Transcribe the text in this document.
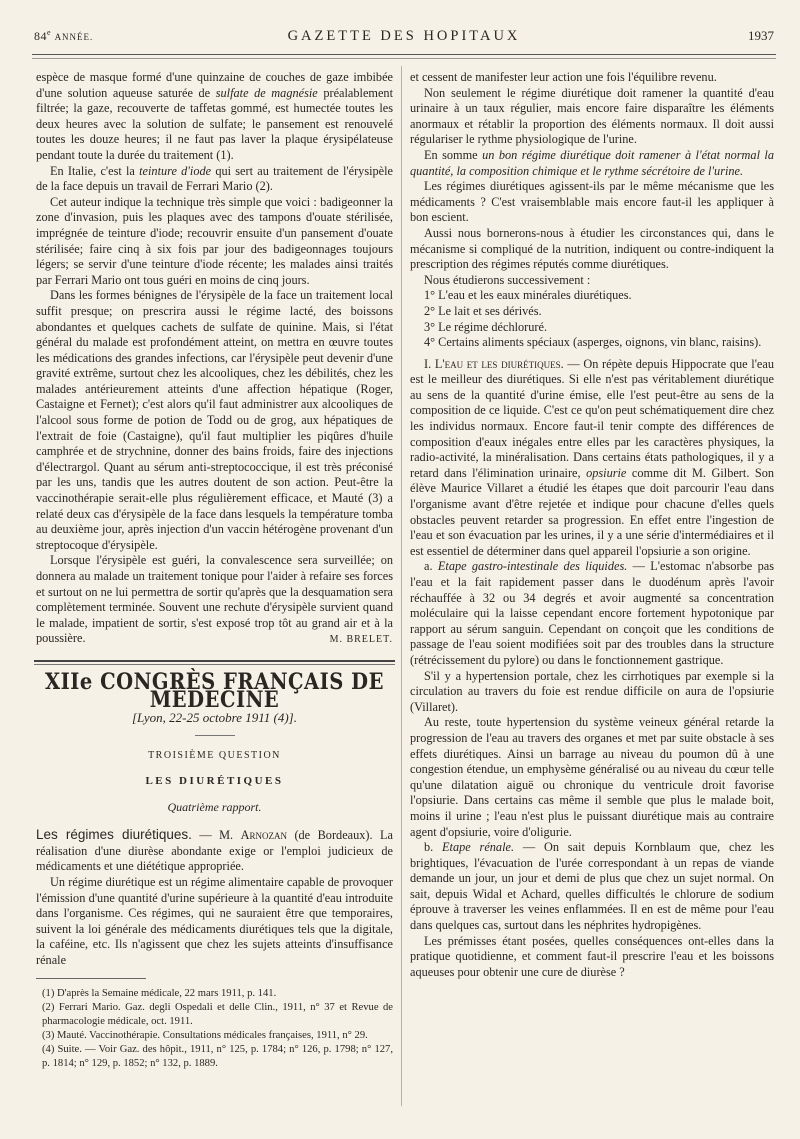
84e ANNÉE.	GAZETTE DES HOPITAUX	1937

espèce de masque formé d'une quinzaine de couches de gaze imbibée d'une solution aqueuse saturée de sulfate de magnésie préalablement filtrée; la gaze, recouverte de taffetas gommé, est humectée toutes les deux heures avec la solution de sulfate; le pansement est renouvelé toutes les douze heures; il ne faut pas laver la plaque érysipélateuse pendant toute la durée du traitement (1).

En Italie, c'est la teinture d'iode qui sert au traitement de l'érysipèle de la face depuis un travail de Ferrari Mario (2).

Cet auteur indique la technique très simple que voici : badigeonner la zone d'invasion, puis les plaques avec des tampons d'ouate stérilisée, imprégnée de teinture d'iode; recouvrir ensuite d'un pansement d'ouate stérilisée; faire cinq à six fois par jour des badigeonnages toujours légers; se servir d'une teinture d'iode récente; les malades ainsi traités par Ferrari Mario ont tous guéri en moins de cinq jours.

Dans les formes bénignes de l'érysipèle de la face un traitement local suffit presque; on prescrira aussi le régime lacté, des boissons abondantes et quelques cachets de sulfate de quinine. Mais, si l'état général du malade est profondément atteint, on mettra en œuvre toutes les médications des grandes infections, car l'érysipèle peut devenir d'une gravité extrême, surtout chez les alcooliques, chez les débilités, chez les malades antérieurement atteints d'une affection hépatique (Roger, Castaigne et Fernet); c'est alors qu'il faut administrer aux alcooliques de l'alcool sous forme de potion de Todd ou de grog, aux hépatiques de l'extrait de foie (Castaigne), qu'il faut multiplier les piqûres d'huile camphrée et de strychnine, donner des bains froids, faire des injections d'électrargol. Quant au sérum anti-streptococcique, il est très préconisé par les uns, tandis que les autres doutent de son action. Peut-être la vaccinothérapie serait-elle plus régulièrement efficace, et Mauté (3) a relaté deux cas d'érysipèle de la face dans lesquels la température tomba au deuxième jour, après injection d'un vaccin hétérogène provenant d'un streptocoque d'érysipèle.

Lorsque l'érysipèle est guéri, la convalescence sera surveillée; on donnera au malade un traitement tonique pour l'aider à refaire ses forces et surtout on ne lui permettra de sortir qu'après que la desquamation sera complètement terminée. Souvent une rechute d'érysipèle survient quand le malade, impatient de sortir, s'est exposé trop tôt au grand air et à la poussière.	M. BRELET.
XIIe CONGRÈS FRANÇAIS DE MÉDECINE
[Lyon, 22-25 octobre 1911 (4)].
TROISIÈME QUESTION
LES DIURÉTIQUES
Quatrième rapport.

Les régimes diurétiques. — M. Arnozan (de Bordeaux). La réalisation d'une diurèse abondante exige or l'emploi judicieux de médicaments et une diététique appropriée.

Un régime diurétique est un régime alimentaire capable de provoquer l'émission d'une quantité d'urine supérieure à la quantité d'eau introduite dans l'organisme. Ces régimes, qui ne sauraient être que temporaires, suivent la loi générale des médicaments diurétiques tels que la digitale, la caféine, etc. Ils n'agissent que chez les sujets atteints d'insuffisance rénale

(1) D'après la Semaine médicale, 22 mars 1911, p. 141.

(2) Ferrari Mario. Gaz. degli Ospedali et delle Clin., 1911, n° 37 et Revue de pharmacologie médicale, oct. 1911.

(3) Mauté. Vaccinothérapie. Consultations médicales françaises, 1911, n° 29.

(4) Suite. — Voir Gaz. des hôpit., 1911, n° 125, p. 1784; n° 126, p. 1798; n° 127, p. 1814; n° 129, p. 1852; n° 132, p. 1889.

et cessent de manifester leur action une fois l'équilibre revenu.

Non seulement le régime diurétique doit ramener la quantité d'eau urinaire à un taux régulier, mais encore faire disparaître les éléments anormaux et rétablir la proportion des éléments normaux. Il doit aussi régulariser le rythme physiologique de l'urine.

En somme un bon régime diurétique doit ramener à l'état normal la quantité, la composition chimique et le rythme sécrétoire de l'urine.

Les régimes diurétiques agissent-ils par le même mécanisme que les médicaments ? C'est vraisemblable mais encore faut-il les appliquer à bon escient.

Aussi nous bornerons-nous à étudier les circonstances qui, dans le mécanisme si compliqué de la nutrition, indiquent ou contre-indiquent la prescription des régimes réputés comme diurétiques.

Nous étudierons successivement :

1° L'eau et les eaux minérales diurétiques.

2° Le lait et ses dérivés.

3° Le régime déchloruré.

4° Certains aliments spéciaux (asperges, oignons, vin blanc, raisins).

I. L'eau et les diurétiques. — On répète depuis Hippocrate que l'eau est le meilleur des diurétiques. Si elle n'est pas véritablement diurétique au sens de la quantité d'urine émise, elle l'est peut-être au sens de la composition de ce liquide. C'est ce qu'on peut schématiquement dire chez les individus normaux. Encore faut-il tenir compte des différences de composition d'eaux inégales entre elles par les caractères physiques, la radio-activité, la minéralisation. Dans certains états pathologiques, il y a retard dans l'élimination urinaire, opsiurie comme dit M. Gilbert. Son élève Maurice Villaret a étudié les étapes que doit parcourir l'eau dans l'organisme avant d'être rejetée et indique pour chacune d'elles quels obstacles peuvent retarder sa progression. En effet entre l'ingestion de l'eau et son évacuation par les urines, il y a une série d'intermédiaires et il est essentiel de déterminer dans quel appareil l'opsiurie a son origine.

a. Etape gastro-intestinale des liquides. — L'estomac n'absorbe pas l'eau et la fait rapidement passer dans le duodénum après l'avoir réchauffée à 32 ou 34 degrés et avoir augmenté sa concentration moléculaire qui la laisse cependant encore fortement hypotonique par rapport au sérum sanguin. Cependant on conçoit que les conditions de passage de l'eau soient modifiées soit par des troubles dans la structure (rétrécissement du pylore) ou dans le fonctionnement gastrique.

S'il y a hypertension portale, chez les cirrhotiques par exemple si la circulation au travers du foie est rendue difficile on aura de l'opsiurie (Villaret).

Au reste, toute hypertension du système veineux général retarde la progression de l'eau au travers des organes et met par suite obstacle à ses effets diurétiques. Ainsi un barrage au niveau du poumon dû à une congestion étendue, un emphysème généralisé ou au niveau du cœur telle qu'une dilatation aiguë ou chronique du ventricule droit favorise l'opsiurie. Dans certains cas même il semble que plus le malade boit, moins il urine ; l'eau n'est plus le puissant diurétique mais au contraire agent d'opsiurie, voire d'oligurie.

b. Etape rénale. — On sait depuis Kornblaum que, chez les brightiques, l'évacuation de l'urée correspondant à un repas de viande demande un jour, un jour et demi de plus que chez un sujet normal. On sait, depuis Widal et Achard, quelles difficultés le chlorure de sodium éprouve à traverser les veines enflammées. Il en est de même pour l'eau dans quelques cas, surtout dans les néphrites hydropigènes.

Les prémisses étant posées, quelles conséquences ont-elles dans la pratique quotidienne, et comment faut-il prescrire l'eau et les boissons aqueuses pour obtenir une cure de diurèse ?
